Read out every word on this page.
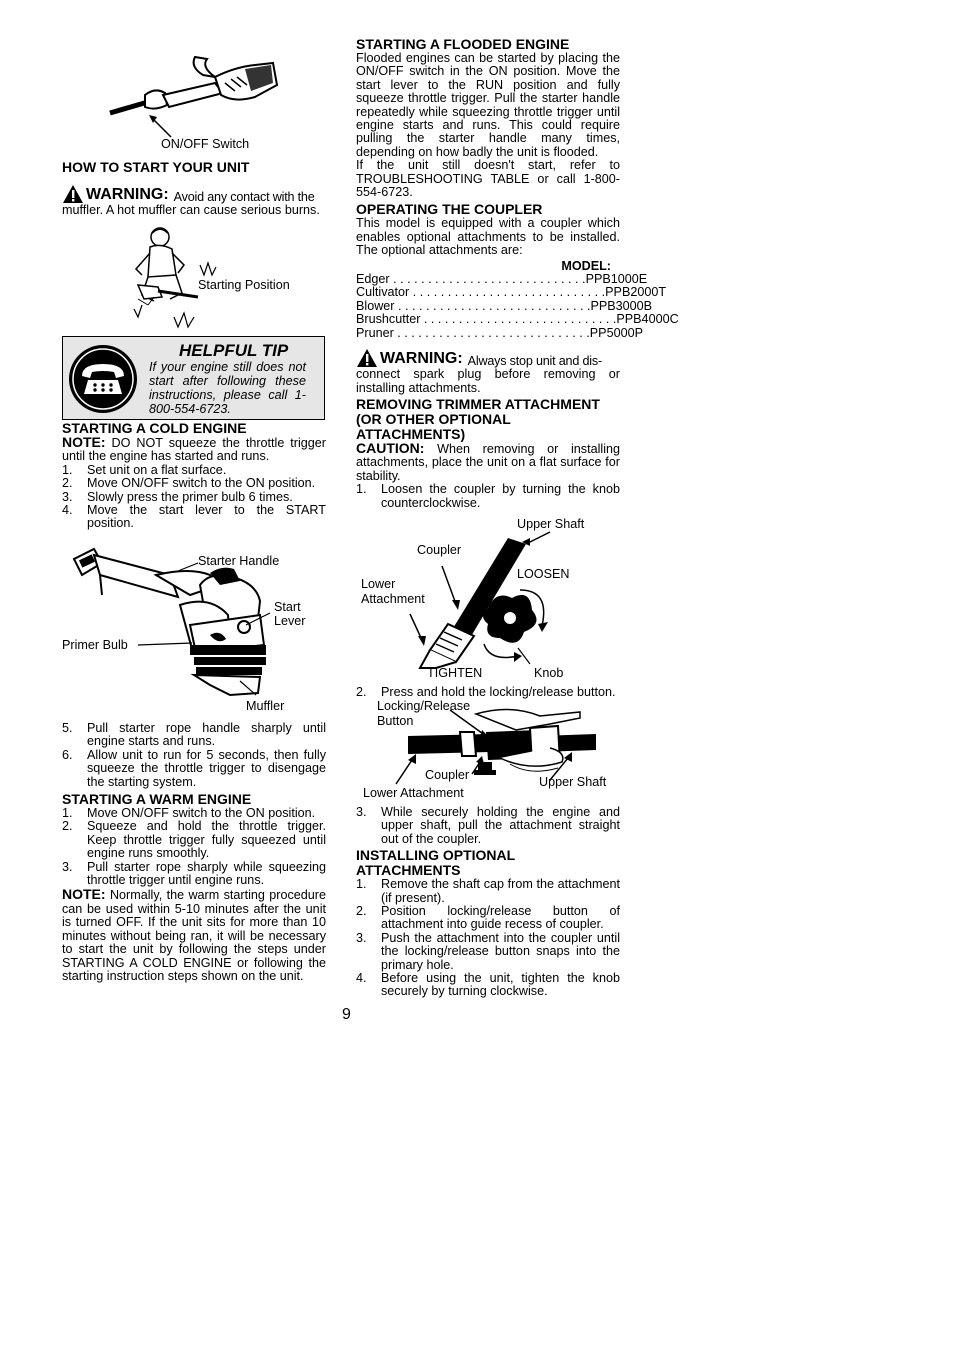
ON/OFF Switch
HOW TO START YOUR UNIT
WARNING: Avoid any contact with the

muffler. A hot muffler can cause serious burns.

Starting Position
HELPFUL TIP
If your engine still does not start after following these instructions, please call 1-800-554-6723.
STARTING A COLD ENGINE

NOTE: DO NOT squeeze the throttle trigger until the engine has started and runs.

1.	Set unit on a flat surface.
2.	Move ON/OFF switch to the ON position.
3.	Slowly press the primer bulb 6 times.
4.	Move the start lever to the START position.
Starter Handle
Start
Lever
Primer Bulb
Muffler
5.	Pull starter rope handle sharply until engine starts and runs.
6.	Allow unit to run for 5 seconds, then fully squeeze the throttle trigger to disengage the starting system.
STARTING A WARM ENGINE
1.	Move ON/OFF switch to the ON position.
2.	Squeeze and hold the throttle trigger. Keep throttle trigger fully squeezed until engine runs smoothly.
3.	Pull starter rope sharply while squeezing throttle trigger until engine runs.

NOTE: Normally, the warm starting procedure can be used within 5-10 minutes after the unit is turned OFF. If the unit sits for more than 10 minutes without being ran, it will be necessary to start the unit by following the steps under STARTING A COLD ENGINE or following the starting instruction steps shown on the unit.

STARTING A FLOODED ENGINE

Flooded engines can be started by placing the ON/OFF switch in the ON position. Move the start lever to the RUN position and fully squeeze throttle trigger. Pull the starter handle repeatedly while squeezing throttle trigger until engine starts and runs. This could require pulling the starter handle many times, depending on how badly the unit is flooded.

If the unit still doesn't start, refer to TROUBLESHOOTING TABLE or call 1-800-554-6723.

OPERATING THE COUPLER

This model is equipped with a coupler which enables optional attachments to be installed. The optional attachments are:

MODEL:
Edger . . . . . . . . . . . . . . . . . . . . . . . . . . . . PPB1000E
Cultivator . . . . . . . . . . . . . . . . . . . . . . . . . . . . PPB2000T
Blower . . . . . . . . . . . . . . . . . . . . . . . . . . . . PPB3000B
Brushcutter . . . . . . . . . . . . . . . . . . . . . . . . . . . . PPB4000C
Pruner . . . . . . . . . . . . . . . . . . . . . . . . . . . . PP5000P
WARNING: Always stop unit and dis-

connect spark plug before removing or installing attachments.

REMOVING TRIMMER ATTACHMENT (OR OTHER OPTIONAL ATTACHMENTS)

CAUTION: When removing or installing attachments, place the unit on a flat surface for stability.

1.	Loosen the coupler by turning the knob counterclockwise.
Upper Shaft
Coupler
LOOSEN
Lower
Attachment
TIGHTEN	Knob
2.	Press and hold the locking/release button.
Locking/Release
Button
Coupler	Upper Shaft
Lower Attachment
3.	While securely holding the engine and upper shaft, pull the attachment straight out of the coupler.
INSTALLING OPTIONAL ATTACHMENTS
1.	Remove the shaft cap from the attachment (if present).
2.	Position locking/release button of attachment into guide recess of coupler.
3.	Push the attachment into the coupler until the locking/release button snaps into the primary hole.
4.	Before using the unit, tighten the knob securely by turning clockwise.
9
